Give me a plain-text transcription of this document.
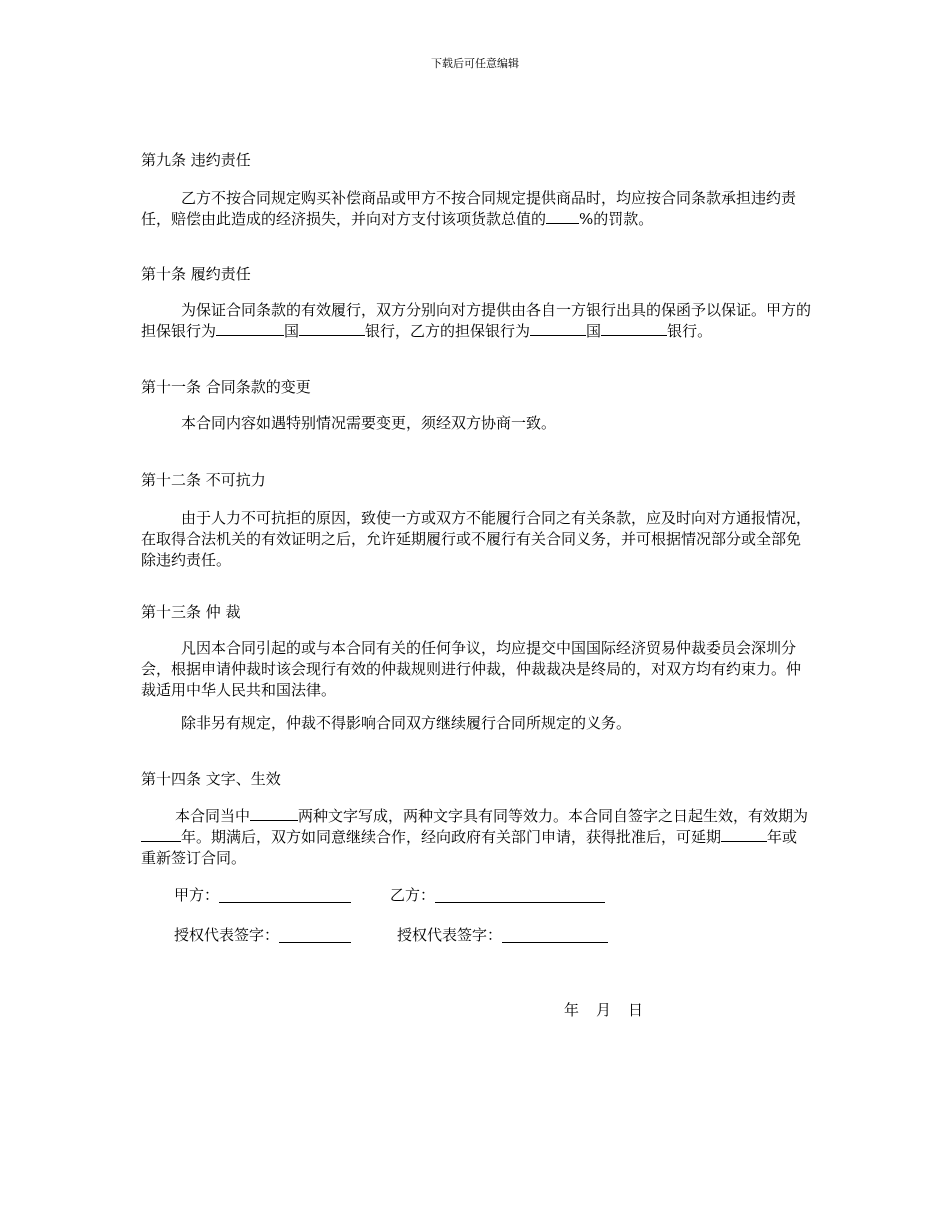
下载后可任意编辑
第九条 违约责任

乙方不按合同规定购买补偿商品或甲方不按合同规定提供商品时，均应按合同条款承担违约责任，赔偿由此造成的经济损失，并向对方支付该项货款总值的 %的罚款。

第十条 履约责任

为保证合同条款的有效履行，双方分别向对方提供由各自一方银行出具的保函予以保证。甲方的担保银行为	国	银行，乙方的担保银行为	国	银行。

第十一条 合同条款的变更

本合同内容如遇特别情况需要变更，须经双方协商一致。

第十二条 不可抗力

由于人力不可抗拒的原因，致使一方或双方不能履行合同之有关条款，应及时向对方通报情况，在取得合法机关的有效证明之后，允许延期履行或不履行有关合同义务，并可根据情况部分或全部免除违约责任。

第十三条 仲 裁

凡因本合同引起的或与本合同有关的任何争议，均应提交中国国际经济贸易仲裁委员会深圳分会，根据申请仲裁时该会现行有效的仲裁规则进行仲裁，仲裁裁决是终局的，对双方均有约束力。仲裁适用中华人民共和国法律。

除非另有规定，仲裁不得影响合同双方继续履行合同所规定的义务。

第十四条 文字、生效

本合同当中	两种文字写成，两种文字具有同等效力。本合同自签字之日起生效，有效期为年。期满后，双方如同意继续合作，经向政府有关部门申请，获得批准后，可延期	年或重新签订合同。

甲方：	乙方：
授权代表签字：	授权代表签字：
年 月 日
